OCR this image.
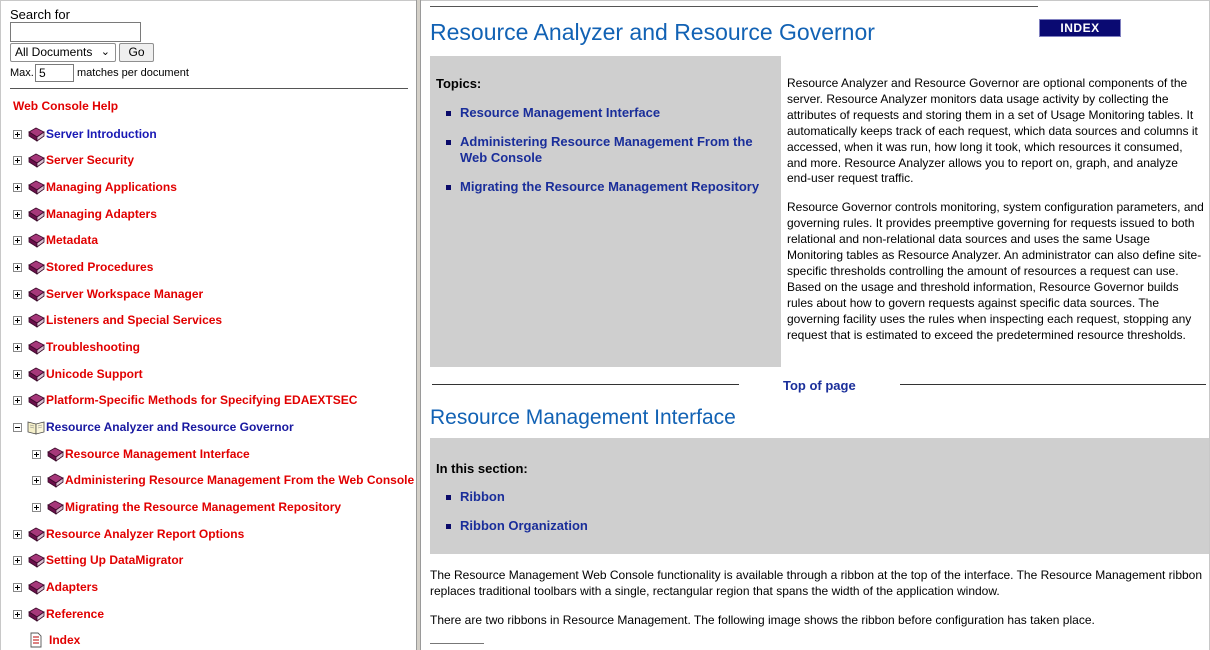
Search for
All Documents ⌄	Go
Max.
5	matches per document
Web Console Help
Server Introduction
Server Security
Managing Applications
Managing Adapters
Metadata
Stored Procedures
Server Workspace Manager
Listeners and Special Services
Troubleshooting
Unicode Support
Platform-Specific Methods for Specifying EDAEXTSEC
Resource Analyzer and Resource Governor
Resource Management Interface
Administering Resource Management From the Web Console
Migrating the Resource Management Repository
Resource Analyzer Report Options
Setting Up DataMigrator
Adapters
Reference
Index
INDEX
Resource Analyzer and Resource Governor
Topics:
Resource Management Interface
Administering Resource Management From the Web Console
Migrating the Resource Management Repository

Resource Analyzer and Resource Governor are optional components of the server. Resource Analyzer monitors data usage activity by collecting the attributes of requests and storing them in a set of Usage Monitoring tables. It automatically keeps track of each request, which data sources and columns it accessed, when it was run, how long it took, which resources it consumed, and more. Resource Analyzer allows you to report on, graph, and analyze end-user request traffic.

Resource Governor controls monitoring, system configuration parameters, and governing rules. It provides preemptive governing for requests issued to both relational and non-relational data sources and uses the same Usage Monitoring tables as Resource Analyzer. An administrator can also define site-specific thresholds controlling the amount of resources a request can use. Based on the usage and threshold information, Resource Governor builds rules about how to govern requests against specific data sources. The governing facility uses the rules when inspecting each request, stopping any request that is estimated to exceed the predetermined resource thresholds.

Top of page
Resource Management Interface
In this section:
Ribbon
Ribbon Organization

The Resource Management Web Console functionality is available through a ribbon at the top of the interface. The Resource Management ribbon replaces traditional toolbars with a single, rectangular region that spans the width of the application window.

There are two ribbons in Resource Management. The following image shows the ribbon before configuration has taken place.
